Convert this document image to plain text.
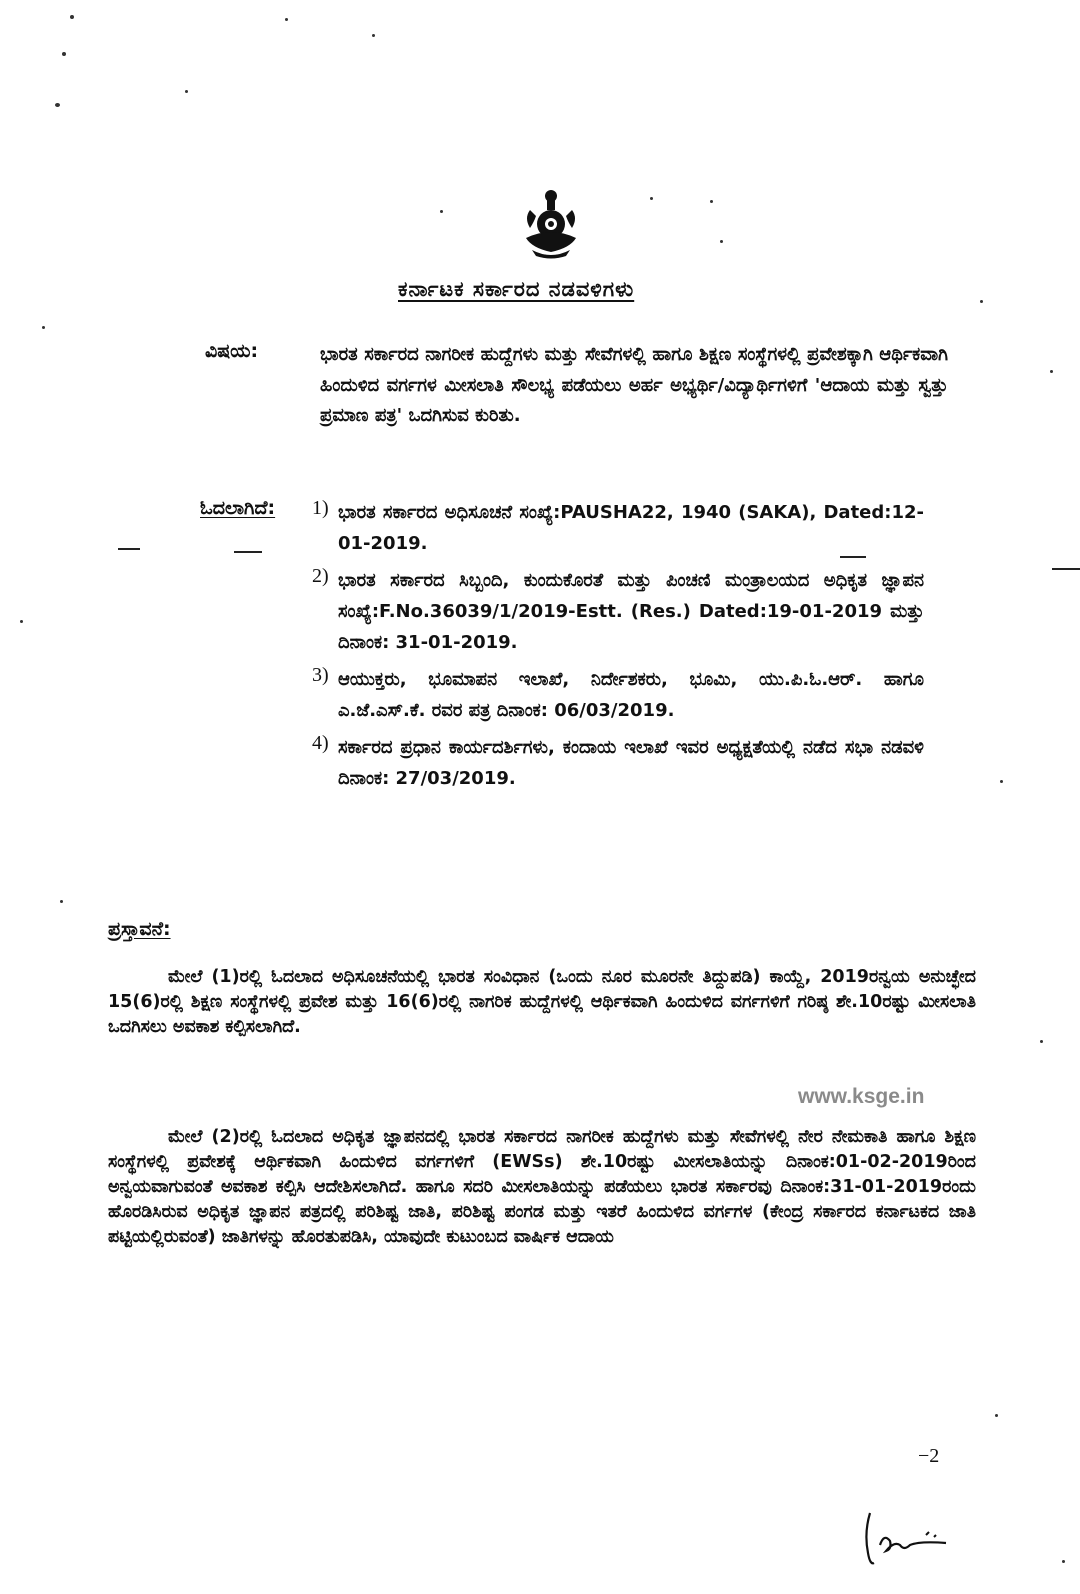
ಕರ್ನಾಟಕ ಸರ್ಕಾರದ ನಡವಳಿಗಳು
ವಿಷಯ:	ಭಾರತ ಸರ್ಕಾರದ ನಾಗರೀಕ ಹುದ್ದೆಗಳು ಮತ್ತು ಸೇವೆಗಳಲ್ಲಿ ಹಾಗೂ ಶಿಕ್ಷಣ ಸಂಸ್ಥೆಗಳಲ್ಲಿ ಪ್ರವೇಶಕ್ಕಾಗಿ ಆರ್ಥಿಕವಾಗಿ ಹಿಂದುಳಿದ ವರ್ಗಗಳ ಮೀಸಲಾತಿ ಸೌಲಭ್ಯ ಪಡೆಯಲು ಅರ್ಹ ಅಭ್ಯರ್ಥಿ/ವಿದ್ಯಾರ್ಥಿಗಳಿಗೆ 'ಆದಾಯ ಮತ್ತು ಸ್ವತ್ತು ಪ್ರಮಾಣ ಪತ್ರ' ಒದಗಿಸುವ ಕುರಿತು.
ಓದಲಾಗಿದೆ: 1) ಭಾರತ ಸರ್ಕಾರದ ಅಧಿಸೂಚನೆ ಸಂಖ್ಯೆ:PAUSHA22, 1940 (SAKA), Dated:12-01-2019.
2) ಭಾರತ ಸರ್ಕಾರದ ಸಿಬ್ಬಂದಿ, ಕುಂದುಕೊರತೆ ಮತ್ತು ಪಿಂಚಣಿ ಮಂತ್ರಾಲಯದ ಅಧಿಕೃತ ಜ್ಞಾಪನ ಸಂಖ್ಯೆ:F.No.36039/1/2019-Estt. (Res.) Dated:19-01-2019 ಮತ್ತು ದಿನಾಂಕ: 31-01-2019.
3) ಆಯುಕ್ತರು, ಭೂಮಾಪನ ಇಲಾಖೆ, ನಿರ್ದೇಶಕರು, ಭೂಮಿ, ಯು.ಪಿ.ಓ.ಆರ್. ಹಾಗೂ ಎ.ಜೆ.ಎಸ್.ಕೆ. ರವರ ಪತ್ರ ದಿನಾಂಕ: 06/03/2019.
4) ಸರ್ಕಾರದ ಪ್ರಧಾನ ಕಾರ್ಯದರ್ಶಿಗಳು, ಕಂದಾಯ ಇಲಾಖೆ ಇವರ ಅಧ್ಯಕ್ಷತೆಯಲ್ಲಿ ನಡೆದ ಸಭಾ ನಡವಳಿ ದಿನಾಂಕ: 27/03/2019.
ಪ್ರಸ್ತಾವನೆ:
ಮೇಲೆ (1)ರಲ್ಲಿ ಓದಲಾದ ಅಧಿಸೂಚನೆಯಲ್ಲಿ ಭಾರತ ಸಂವಿಧಾನ (ಒಂದು ನೂರ ಮೂರನೇ ತಿದ್ದುಪಡಿ) ಕಾಯ್ದೆ, 2019ರನ್ವಯ ಅನುಚ್ಛೇದ 15(6)ರಲ್ಲಿ ಶಿಕ್ಷಣ ಸಂಸ್ಥೆಗಳಲ್ಲಿ ಪ್ರವೇಶ ಮತ್ತು 16(6)ರಲ್ಲಿ ನಾಗರಿಕ ಹುದ್ದೆಗಳಲ್ಲಿ ಆರ್ಥಿಕವಾಗಿ ಹಿಂದುಳಿದ ವರ್ಗಗಳಿಗೆ ಗರಿಷ್ಠ ಶೇ.10ರಷ್ಟು ಮೀಸಲಾತಿ ಒದಗಿಸಲು ಅವಕಾಶ ಕಲ್ಪಿಸಲಾಗಿದೆ.
www.ksge.in
ಮೇಲೆ (2)ರಲ್ಲಿ ಓದಲಾದ ಅಧಿಕೃತ ಜ್ಞಾಪನದಲ್ಲಿ ಭಾರತ ಸರ್ಕಾರದ ನಾಗರೀಕ ಹುದ್ದೆಗಳು ಮತ್ತು ಸೇವೆಗಳಲ್ಲಿ ನೇರ ನೇಮಕಾತಿ ಹಾಗೂ ಶಿಕ್ಷಣ ಸಂಸ್ಥೆಗಳಲ್ಲಿ ಪ್ರವೇಶಕ್ಕೆ ಆರ್ಥಿಕವಾಗಿ ಹಿಂದುಳಿದ ವರ್ಗಗಳಿಗೆ (EWSs) ಶೇ.10ರಷ್ಟು ಮೀಸಲಾತಿಯನ್ನು ದಿನಾಂಕ:01-02-2019ರಿಂದ ಅನ್ವಯವಾಗುವಂತೆ ಅವಕಾಶ ಕಲ್ಪಿಸಿ ಆದೇಶಿಸಲಾಗಿದೆ. ಹಾಗೂ ಸದರಿ ಮೀಸಲಾತಿಯನ್ನು ಪಡೆಯಲು ಭಾರತ ಸರ್ಕಾರವು ದಿನಾಂಕ:31-01-2019ರಂದು ಹೊರಡಿಸಿರುವ ಅಧಿಕೃತ ಜ್ಞಾಪನ ಪತ್ರದಲ್ಲಿ ಪರಿಶಿಷ್ಟ ಜಾತಿ, ಪರಿಶಿಷ್ಟ ಪಂಗಡ ಮತ್ತು ಇತರೆ ಹಿಂದುಳಿದ ವರ್ಗಗಳ (ಕೇಂದ್ರ ಸರ್ಕಾರದ ಕರ್ನಾಟಕದ ಜಾತಿ ಪಟ್ಟಿಯಲ್ಲಿರುವಂತೆ) ಜಾತಿಗಳನ್ನು ಹೊರತುಪಡಿಸಿ, ಯಾವುದೇ ಕುಟುಂಬದ ವಾರ್ಷಿಕ ಆದಾಯ
−2
